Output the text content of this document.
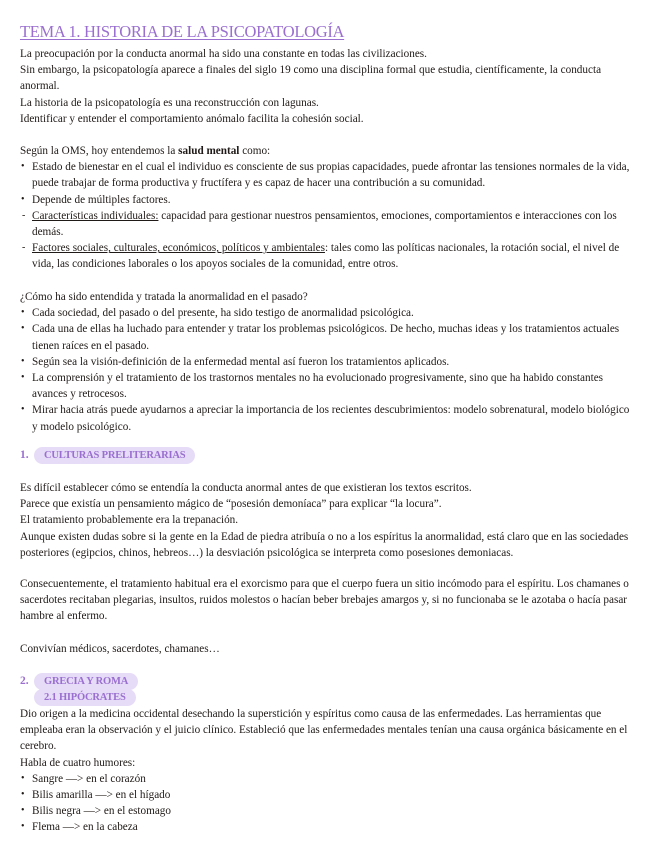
TEMA 1. HISTORIA DE LA PSICOPATOLOGÍA

La preocupación por la conducta anormal ha sido una constante en todas las civilizaciones.

Sin embargo, la psicopatología aparece a finales del siglo 19 como una disciplina formal que estudia, científicamente, la conducta anormal.

La historia de la psicopatología es una reconstrucción con lagunas.

Identificar y entender el comportamiento anómalo facilita la cohesión social.

Según la OMS, hoy entendemos la salud mental como:

• Estado de bienestar en el cual el individuo es consciente de sus propias capacidades, puede afrontar las tensiones normales de la vida, puede trabajar de forma productiva y fructífera y es capaz de hacer una contribución a su comunidad.
• Depende de múltiples factores.
- Características individuales: capacidad para gestionar nuestros pensamientos, emociones, comportamientos e interacciones con los demás.
- Factores sociales, culturales, económicos, políticos y ambientales: tales como las políticas nacionales, la rotación social, el nivel de vida, las condiciones laborales o los apoyos sociales de la comunidad, entre otros.

¿Cómo ha sido entendida y tratada la anormalidad en el pasado?

• Cada sociedad, del pasado o del presente, ha sido testigo de anormalidad psicológica.
• Cada una de ellas ha luchado para entender y tratar los problemas psicológicos. De hecho, muchas ideas y los tratamientos actuales tienen raíces en el pasado.
• Según sea la visión-definición de la enfermedad mental así fueron los tratamientos aplicados.
• La comprensión y el tratamiento de los trastornos mentales no ha evolucionado progresivamente, sino que ha habido constantes avances y retrocesos.
• Mirar hacia atrás puede ayudarnos a apreciar la importancia de los recientes descubrimientos: modelo sobrenatural, modelo biológico y modelo psicológico.
1.	CULTURAS PRELITERARIAS

Es difícil establecer cómo se entendía la conducta anormal antes de que existieran los textos escritos.

Parece que existía un pensamiento mágico de “posesión demoníaca” para explicar “la locura”.

El tratamiento probablemente era la trepanación.

Aunque existen dudas sobre si la gente en la Edad de piedra atribuía o no a los espíritus la anormalidad, está claro que en las sociedades posteriores (egipcios, chinos, hebreos…) la desviación psicológica se interpreta como posesiones demoniacas.

Consecuentemente, el tratamiento habitual era el exorcismo para que el cuerpo fuera un sitio incómodo para el espíritu. Los chamanes o sacerdotes recitaban plegarias, insultos, ruidos molestos o hacían beber brebajes amargos y, si no funcionaba se le azotaba o hacía pasar hambre al enfermo.

Convivían médicos, sacerdotes, chamanes…

2.	GRECIA Y ROMA
2.1 HIPÓCRATES

Dio origen a la medicina occidental desechando la superstición y espíritus como causa de las enfermedades. Las herramientas que empleaba eran la observación y el juicio clínico. Estableció que las enfermedades mentales tenían una causa orgánica básicamente en el cerebro.

Habla de cuatro humores:

• Sangre —> en el corazón
• Bilis amarilla —> en el hígado
• Bilis negra —> en el estomago
• Flema —> en la cabeza
